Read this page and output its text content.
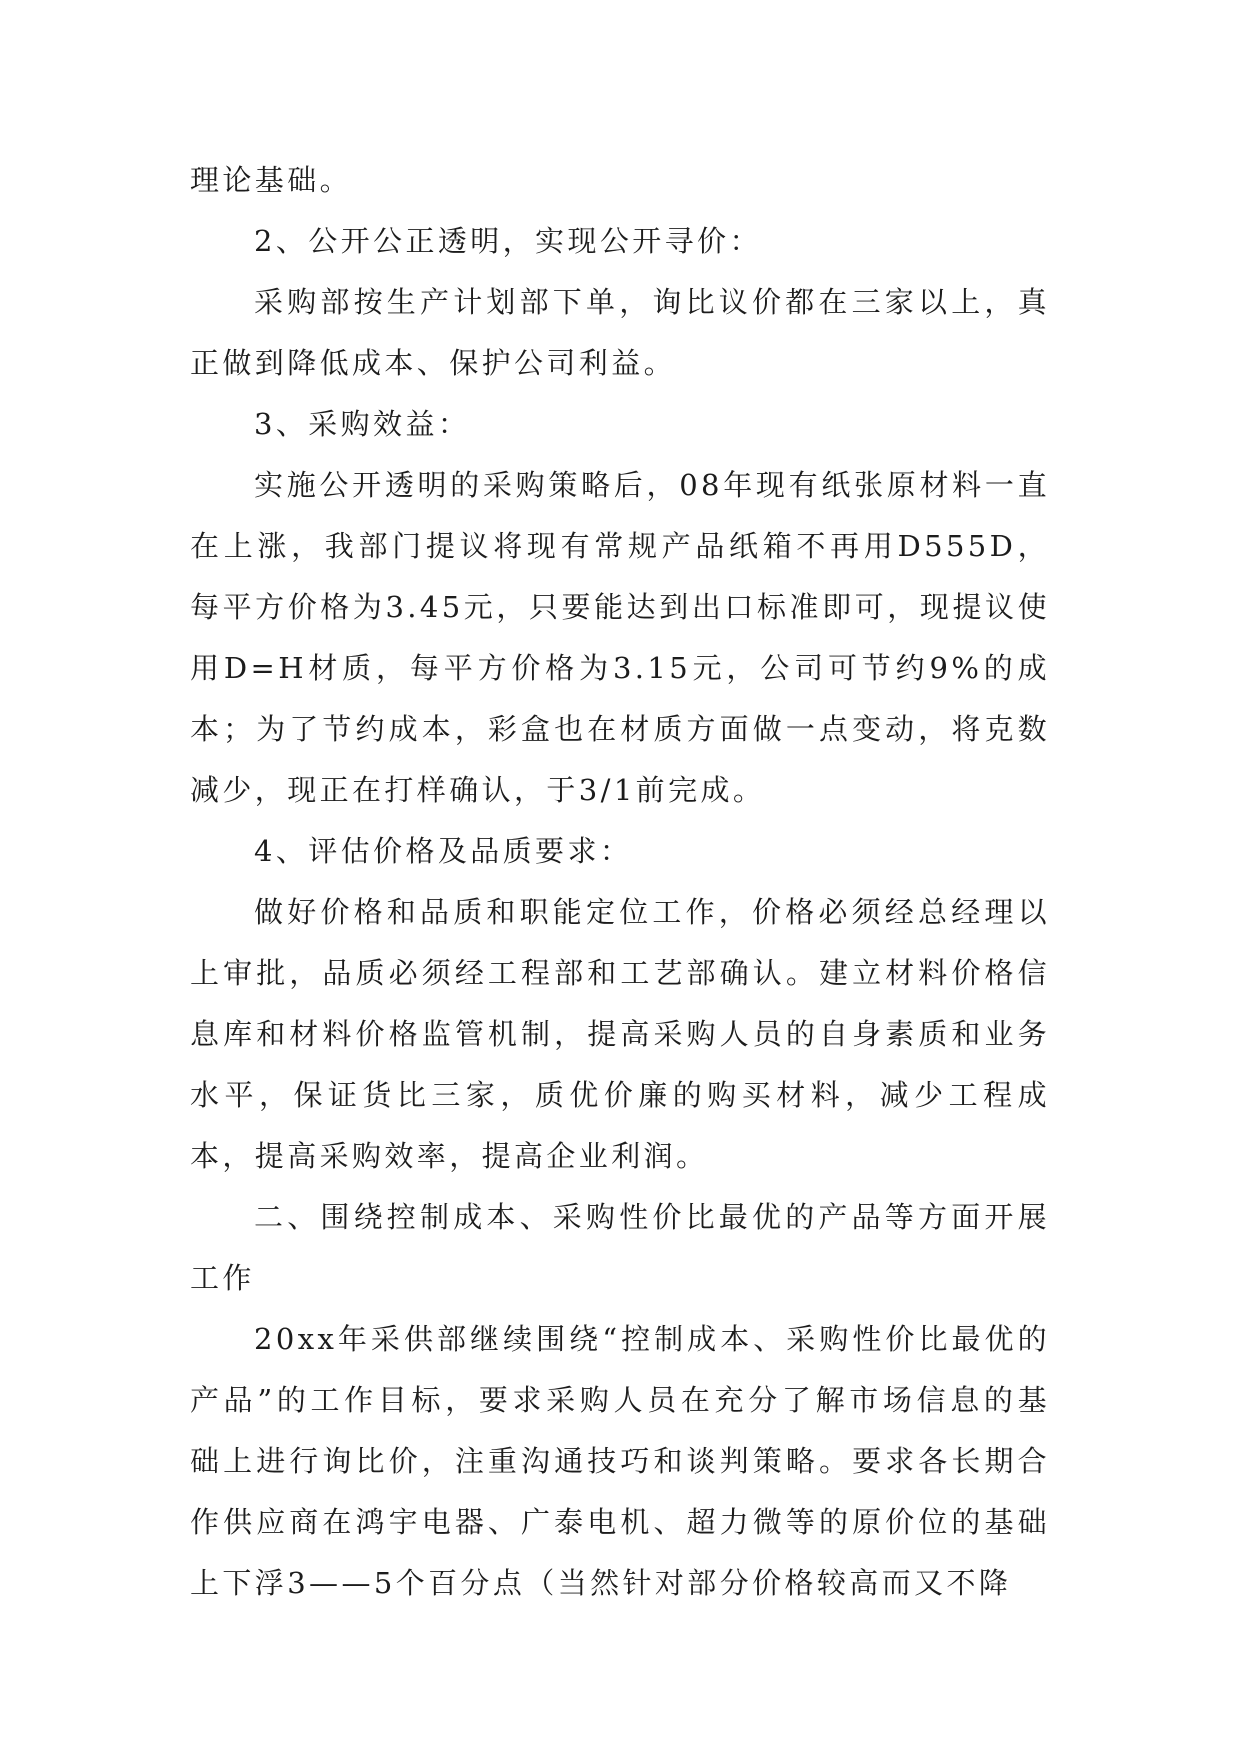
理论基础。

2、公开公正透明，实现公开寻价：

采购部按生产计划部下单，询比议价都在三家以上，真正做到降低成本、保护公司利益。

3、采购效益：

实施公开透明的采购策略后，08年现有纸张原材料一直在上涨，我部门提议将现有常规产品纸箱不再用D555D，每平方价格为3.45元，只要能达到出口标准即可，现提议使用D=H材质，每平方价格为3.15元，公司可节约9%的成本；为了节约成本，彩盒也在材质方面做一点变动，将克数减少，现正在打样确认，于3/1前完成。

4、评估价格及品质要求：

做好价格和品质和职能定位工作，价格必须经总经理以上审批，品质必须经工程部和工艺部确认。建立材料价格信息库和材料价格监管机制，提高采购人员的自身素质和业务水平，保证货比三家，质优价廉的购买材料，减少工程成本，提高采购效率，提高企业利润。

二、围绕控制成本、采购性价比最优的产品等方面开展工作

20xx年采供部继续围绕“控制成本、采购性价比最优的产品”的工作目标，要求采购人员在充分了解市场信息的基础上进行询比价，注重沟通技巧和谈判策略。要求各长期合作供应商在鸿宇电器、广泰电机、超力微等的原价位的基础上下浮3——5个百分点（当然针对部分价格较高而又不降
